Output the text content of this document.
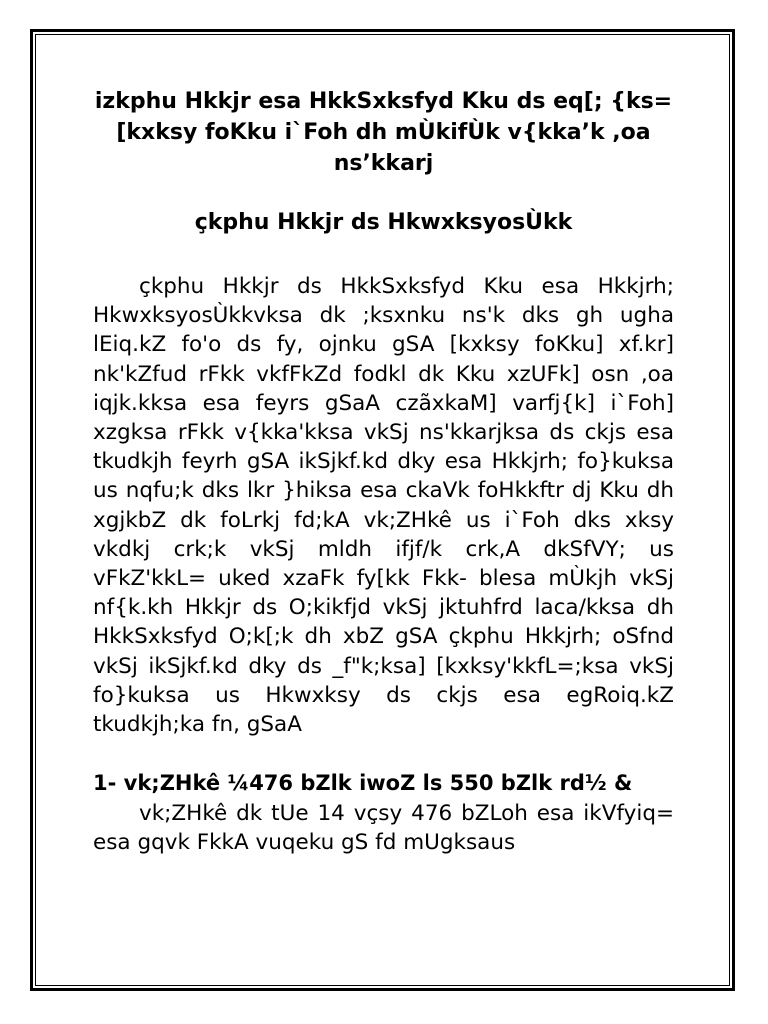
izkphu Hkkjr esa HkkSxksfyd Kku ds eq[; {ks= [kxksy foKku i`Foh dh mÙkifÙk v{kka’k ,oa ns’kkarj
çkphu Hkkjr ds HkwxksyosÙkk

çkphu Hkkjr ds HkkSxksfyd Kku esa Hkkjrh; HkwxksyosÙkkvksa dk ;ksxnku ns'k dks gh ugha lEiq.kZ fo'o ds fy, ojnku gSA [kxksy foKku] xf.kr] nk'kZfud rFkk vkfFkZd fodkl dk Kku xzUFk] osn ,oa iqjk.kksa esa feyrs gSaA czãxkaM] varfj{k] i`Foh] xzgksa rFkk v{kka'kksa vkSj ns'kkarjksa ds ckjs esa tkudkjh feyrh gSA ikSjkf.kd dky esa Hkkjrh; fo}kuksa us nqfu;k dks lkr }hiksa esa ckaVk foHkkftr dj Kku dh xgjkbZ dk foLrkj fd;kA vk;ZHkê us i`Foh dks xksy vkdkj crk;k vkSj mldh ifjf/k crk,A dkSfVY; us vFkZ'kkL= uked xzaFk fy[kk Fkk- blesa mÙkjh vkSj nf{k.kh Hkkjr ds O;kikfjd vkSj jktuhfrd laca/kksa dh HkkSxksfyd O;k[;k dh xbZ gSA çkphu Hkkjrh; oSfnd vkSj ikSjkf.kd dky ds _f"k;ksa] [kxksy'kkfL=;ksa vkSj fo}kuksa us Hkwxksy ds ckjs esa egRoiq.kZ tkudkjh;ka fn, gSaA

1- vk;ZHkê ¼476 bZlk iwoZ ls 550 bZlk rd½ &

vk;ZHkê dk tUe 14 vçsy 476 bZLoh esa ikVfyiq= esa gqvk FkkA vuqeku gS fd mUgksaus
